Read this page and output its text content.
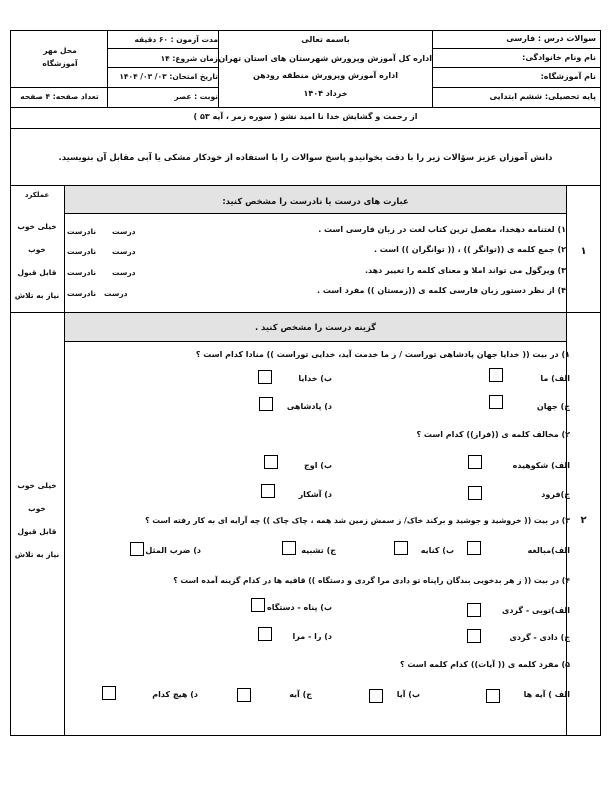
سوالات درس : فارسی
نام ونام خانوادگی:
نام آموزشگاه:
پایه تحصیلی: ششم ابتدایی
باسمه تعالی
اداره کل آموزش وپرورش شهرستان های استان تهران
اداره آموزش وپرورش منطقه رودهن
خرداد ۱۴۰۴
مدت آزمون : ۶۰ دقیقه
زمان شروع: ۱۴
تاریخ امتحان: ۰۳/ ۰۳/ ۱۴۰۴
نوبت : عصر
محل مهر آموزشگاه
تعداد صفحه: ۴ صفحه
از رحمت و گشایش خدا نا امید نشو ( سوره زمر ، آیه ۵۳ )
دانش آموزان عزیز سؤالات زیر را با دقت بخوانیدو پاسخ سوالات را با استفاده از خودکار مشکی یا آبی مقابل آن بنویسید.
عبارت های درست یا نادرست را مشخص کنید:
عملکرد
۱
خیلی خوب
خوب
قابل قبول
نیاز به تلاش
۱) لغتنامه دهخدا، مفصل ترین کتاب لغت در زبان فارسی است .
درست
نادرست
۲) جمع کلمه ی ((توانگر )) ، (( توانگران )) است .
درست
نادرست
۳) ویرگول می تواند املا و معنای کلمه را تغییر دهد.
درست
نادرست
۴) از نظر دستور زبان فارسی کلمه ی ((زمستان )) مفرد است .
درست
نادرست
گزینه درست را مشخص کنید .
۲
خیلی خوب
خوب
قابل قبول
نیاز به تلاش
۱) در بیت (( خدایا جهان پادشاهی توراست / ز ما خدمت آید، خدایی توراست )) منادا کدام است ؟
الف) ما
ب) خدایا
ج) جهان
د) پادشاهی
۲) مخالف کلمه ی ((فراز)) کدام است ؟
الف) شکوهیده
ب) اوج
ج)فرود
د) آشکار
۳) در بیت (( خروشید و جوشید و برکند خاک/ ز سمش زمین شد همه ، چاک چاک )) چه آرایه ای به کار رفته است ؟
الف)مبالغه
ب) کنایه
ج) تشبیه
د) ضرب المثل
۴) در بیت (( ز هر بدخویی بندگان راپناه تو دادی مرا گردی و دستگاه )) قافیه ها در کدام گزینه آمده است ؟
الف)توبی - گردی
ب) پناه - دستگاه
ج) دادی - گردی
د) را - مرا
۵) مفرد کلمه ی (( آیات)) کدام کلمه است ؟
الف ) آیه ها
ب) آیا
ج) آیه
د) هیچ کدام
